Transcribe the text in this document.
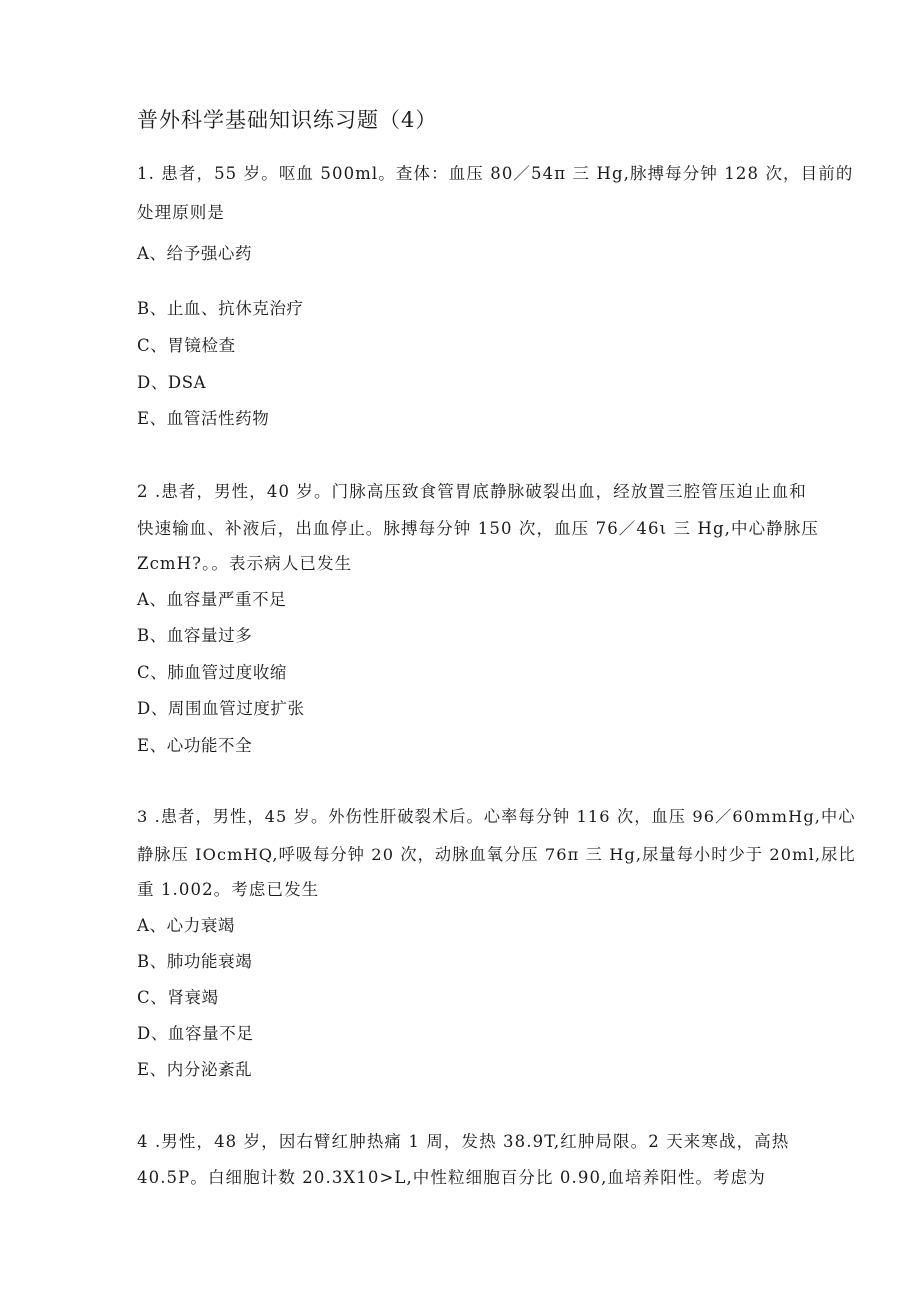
普外科学基础知识练习题（4）
1. 患者，55 岁。呕血 500ml。查体：血压 80／54π 三 Hg,脉搏每分钟 128 次，目前的
处理原则是
A、给予强心药
B、止血、抗休克治疗
C、胃镜检查
D、DSA
E、血管活性药物
2 .患者，男性，40 岁。门脉高压致食管胃底静脉破裂出血，经放置三腔管压迫止血和
快速输血、补液后，出血停止。脉搏每分钟 150 次，血压 76／46ι 三 Hg,中心静脉压
ZcmH?。。表示病人已发生
A、血容量严重不足
B、血容量过多
C、肺血管过度收缩
D、周围血管过度扩张
E、心功能不全
3 .患者，男性，45 岁。外伤性肝破裂术后。心率每分钟 116 次，血压 96／60mmHg,中心
静脉压 IOcmHQ,呼吸每分钟 20 次，动脉血氧分压 76π 三 Hg,尿量每小时少于 20ml,尿比
重 1.002。考虑已发生
A、心力衰竭
B、肺功能衰竭
C、肾衰竭
D、血容量不足
E、内分泌紊乱
4 .男性，48 岁，因右臂红肿热痛 1 周，发热 38.9T,红肿局限。2 天来寒战，高热
40.5P。白细胞计数 20.3X10>L,中性粒细胞百分比 0.90,血培养阳性。考虑为
